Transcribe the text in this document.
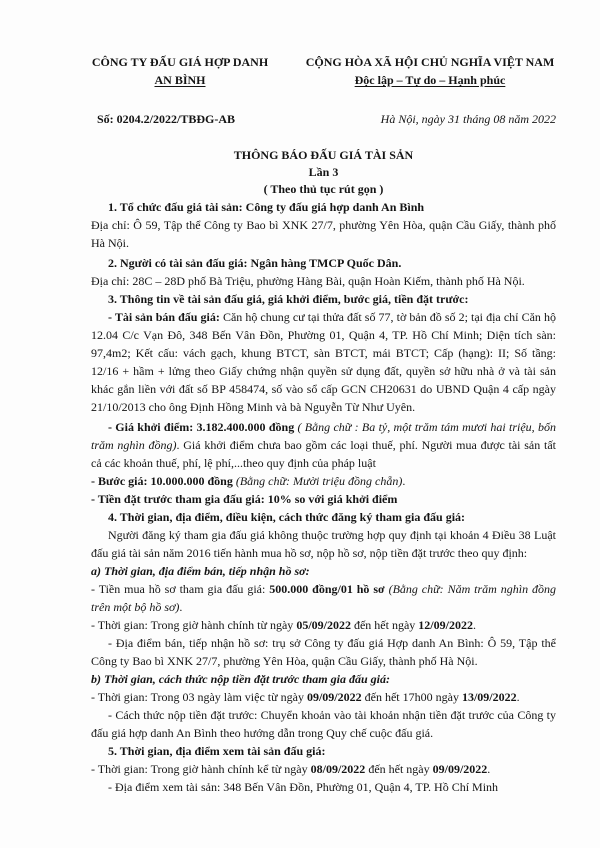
CÔNG TY ĐẤU GIÁ HỢP DANH
AN BÌNH
CỘNG HÒA XÃ HỘI CHỦ NGHĨA VIỆT NAM
Độc lập – Tự do – Hạnh phúc
Số: 0204.2/2022/TBĐG-AB	Hà Nội, ngày 31 tháng 08 năm 2022
THÔNG BÁO ĐẤU GIÁ TÀI SẢN
Lần 3
( Theo thủ tục rút gọn )

1. Tổ chức đấu giá tài sản: Công ty đấu giá hợp danh An Bình

Địa chỉ: Ô 59, Tập thể Công ty Bao bì XNK 27/7, phường Yên Hòa, quận Cầu Giấy, thành phố Hà Nội.

2. Người có tài sản đấu giá: Ngân hàng TMCP Quốc Dân.

Địa chỉ: 28C – 28D phố Bà Triệu, phường Hàng Bài, quận Hoàn Kiếm, thành phố Hà Nội.

3. Thông tin về tài sản đấu giá, giá khởi điểm, bước giá, tiền đặt trước:

- Tài sản bán đấu giá: Căn hộ chung cư tại thửa đất số 77, tờ bản đồ số 2; tại địa chỉ Căn hộ 12.04 C/c Vạn Đô, 348 Bến Vân Đồn, Phường 01, Quận 4, TP. Hồ Chí Minh; Diện tích sàn: 97,4m2; Kết cấu: vách gạch, khung BTCT, sàn BTCT, mái BTCT; Cấp (hạng): II; Số tầng: 12/16 + hầm + lửng theo Giấy chứng nhận quyền sử dụng đất, quyền sở hữu nhà ở và tài sản khác gắn liền với đất số BP 458474, số vào sổ cấp GCN CH20631 do UBND Quận 4 cấp ngày 21/10/2013 cho ông Định Hồng Minh và bà Nguyễn Từ Như Uyên.

- Giá khởi điểm: 3.182.400.000 đồng ( Bằng chữ : Ba tỷ, một trăm tám mươi hai triệu, bốn trăm nghìn đồng). Giá khởi điểm chưa bao gồm các loại thuế, phí. Người mua được tài sản tất cả các khoản thuế, phí, lệ phí,...theo quy định của pháp luật

- Bước giá: 10.000.000 đồng (Bằng chữ: Mười triệu đồng chẵn).

- Tiền đặt trước tham gia đấu giá: 10% so với giá khởi điểm

4. Thời gian, địa điểm, điều kiện, cách thức đăng ký tham gia đấu giá:

Người đăng ký tham gia đấu giá không thuộc trường hợp quy định tại khoản 4 Điều 38 Luật đấu giá tài sản năm 2016 tiến hành mua hồ sơ, nộp hồ sơ, nộp tiền đặt trước theo quy định:

a) Thời gian, địa điểm bán, tiếp nhận hồ sơ:

- Tiền mua hồ sơ tham gia đấu giá: 500.000 đồng/01 hồ sơ (Bằng chữ: Năm trăm nghìn đồng trên một bộ hồ sơ).

- Thời gian: Trong giờ hành chính từ ngày 05/09/2022 đến hết ngày 12/09/2022.

- Địa điểm bán, tiếp nhận hồ sơ: trụ sở Công ty đấu giá Hợp danh An Bình: Ô 59, Tập thể Công ty Bao bì XNK 27/7, phường Yên Hòa, quận Cầu Giấy, thành phố Hà Nội.

b) Thời gian, cách thức nộp tiền đặt trước tham gia đấu giá:

- Thời gian: Trong 03 ngày làm việc từ ngày 09/09/2022 đến hết 17h00 ngày 13/09/2022.

- Cách thức nộp tiền đặt trước: Chuyển khoản vào tài khoản nhận tiền đặt trước của Công ty đấu giá hợp danh An Bình theo hướng dẫn trong Quy chế cuộc đấu giá.

5. Thời gian, địa điểm xem tài sản đấu giá:

- Thời gian: Trong giờ hành chính kể từ ngày 08/09/2022 đến hết ngày 09/09/2022.

- Địa điểm xem tài sản: 348 Bến Vân Đồn, Phường 01, Quận 4, TP. Hồ Chí Minh
